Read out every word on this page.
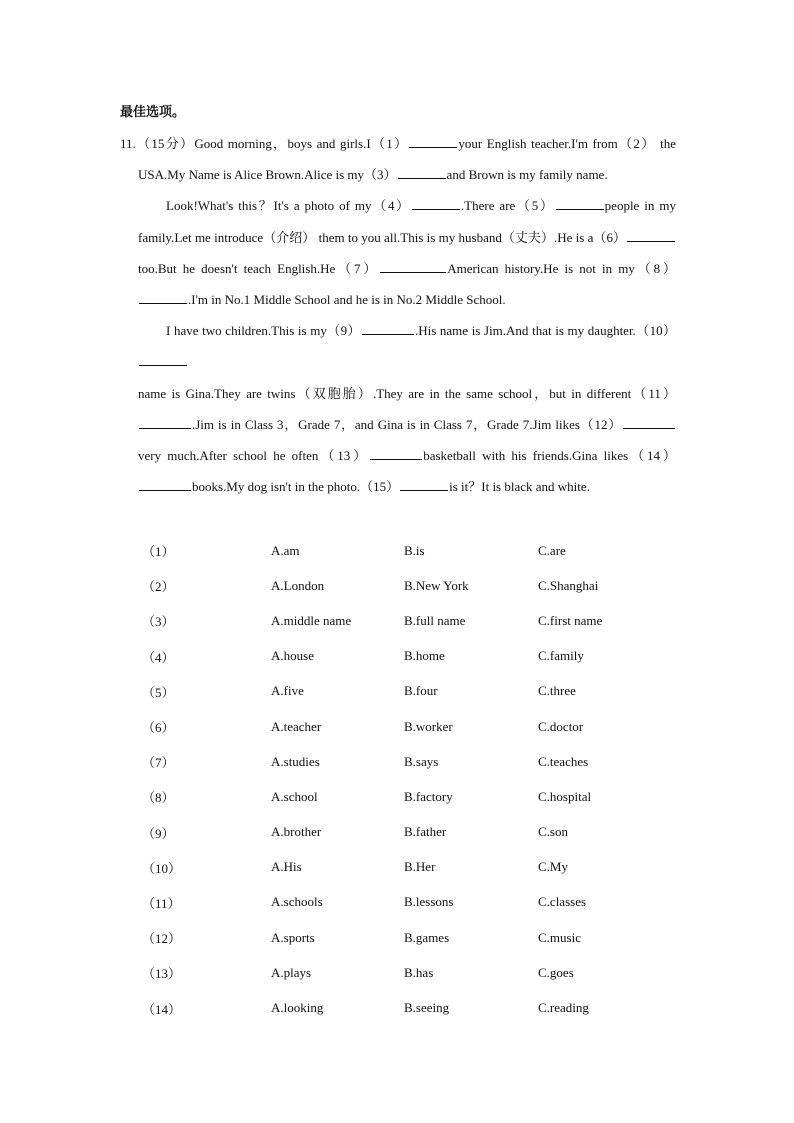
最佳选项。

11.（15分）Good morning，boys and girls.I（1）	your English teacher.I'm from（2） the USA.My Name is Alice Brown.Alice is my（3）	and Brown is my family name.

Look!What's this？It's a photo of my（4）	.There are（5）	people in my family.Let me introduce（介绍） them to you all.This is my husband（丈夫）.He is a（6）too.But he doesn't teach English.He（7）	American history.He is not in my（8）.I'm in No.1 Middle School and he is in No.2 Middle School.

I have two children.This is my（9）	.His name is Jim.And that is my daughter.（10）name is Gina.They are twins（双胞胎）.They are in the same school，but in different（11）.Jim is in Class 3，Grade 7，and Gina is in Class 7，Grade 7.Jim likes（12）very much.After school he often（13）	basketball with his friends.Gina likes（14）books.My dog isn't in the photo.（15）	is it？It is black and white.

（1）	A.am	B.is	C.are
（2）	A.London	B.New York	C.Shanghai
（3）	A.middle name	B.full name	C.first name
（4）	A.house	B.home	C.family
（5）	A.five	B.four	C.three
（6）	A.teacher	B.worker	C.doctor
（7）	A.studies	B.says	C.teaches
（8）	A.school	B.factory	C.hospital
（9）	A.brother	B.father	C.son
（10）	A.His	B.Her	C.My
（11）	A.schools	B.lessons	C.classes
（12）	A.sports	B.games	C.music
（13）	A.plays	B.has	C.goes
（14）	A.looking	B.seeing	C.reading
